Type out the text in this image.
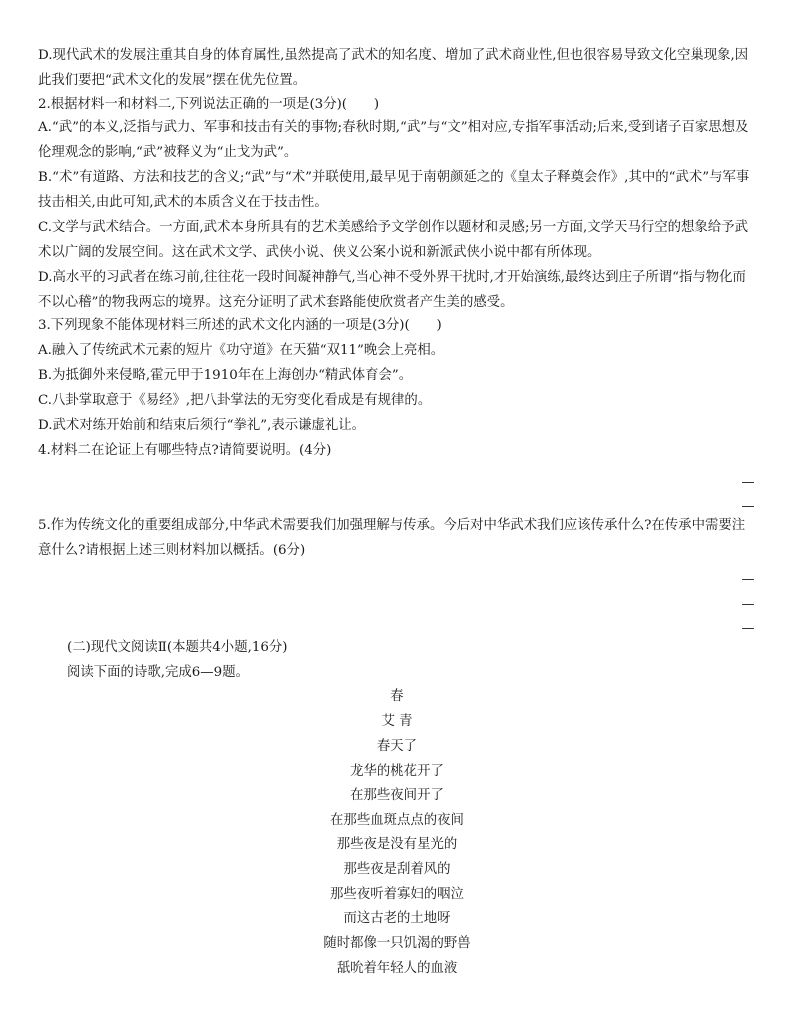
D.现代武术的发展注重其自身的体育属性,虽然提高了武术的知名度、增加了武术商业性,但也很容易导致文化空巢现象,因此我们要把“武术文化的发展”摆在优先位置。

2.根据材料一和材料二,下列说法正确的一项是(3分)(　　)

A.“武”的本义,泛指与武力、军事和技击有关的事物;春秋时期,“武”与“文”相对应,专指军事活动;后来,受到诸子百家思想及伦理观念的影响,“武”被释义为“止戈为武”。

B.“术”有道路、方法和技艺的含义;“武”与“术”并联使用,最早见于南朝颜延之的《皇太子释奠会作》,其中的“武术”与军事技击相关,由此可知,武术的本质含义在于技击性。

C.文学与武术结合。一方面,武术本身所具有的艺术美感给予文学创作以题材和灵感;另一方面,文学天马行空的想象给予武术以广阔的发展空间。这在武术文学、武侠小说、侠义公案小说和新派武侠小说中都有所体现。

D.高水平的习武者在练习前,往往花一段时间凝神静气,当心神不受外界干扰时,才开始演练,最终达到庄子所谓“指与物化而不以心稽”的物我两忘的境界。这充分证明了武术套路能使欣赏者产生美的感受。

3.下列现象不能体现材料三所述的武术文化内涵的一项是(3分)(　　)

A.融入了传统武术元素的短片《功守道》在天猫“双11”晚会上亮相。

B.为抵御外来侵略,霍元甲于1910年在上海创办“精武体育会”。

C.八卦掌取意于《易经》,把八卦掌法的无穷变化看成是有规律的。

D.武术对练开始前和结束后须行“拳礼”,表示谦虚礼让。

4.材料二在论证上有哪些特点?请简要说明。(4分)

5.作为传统文化的重要组成部分,中华武术需要我们加强理解与传承。今后对中华武术我们应该传承什么?在传承中需要注意什么?请根据上述三则材料加以概括。(6分)

(二)现代文阅读Ⅱ(本题共4小题,16分)
阅读下面的诗歌,完成6—9题。
春
艾 青
春天了
龙华的桃花开了
在那些夜间开了
在那些血斑点点的夜间
那些夜是没有星光的
那些夜是刮着风的
那些夜听着寡妇的咽泣
而这古老的土地呀
随时都像一只饥渴的野兽
舐吮着年轻人的血液
